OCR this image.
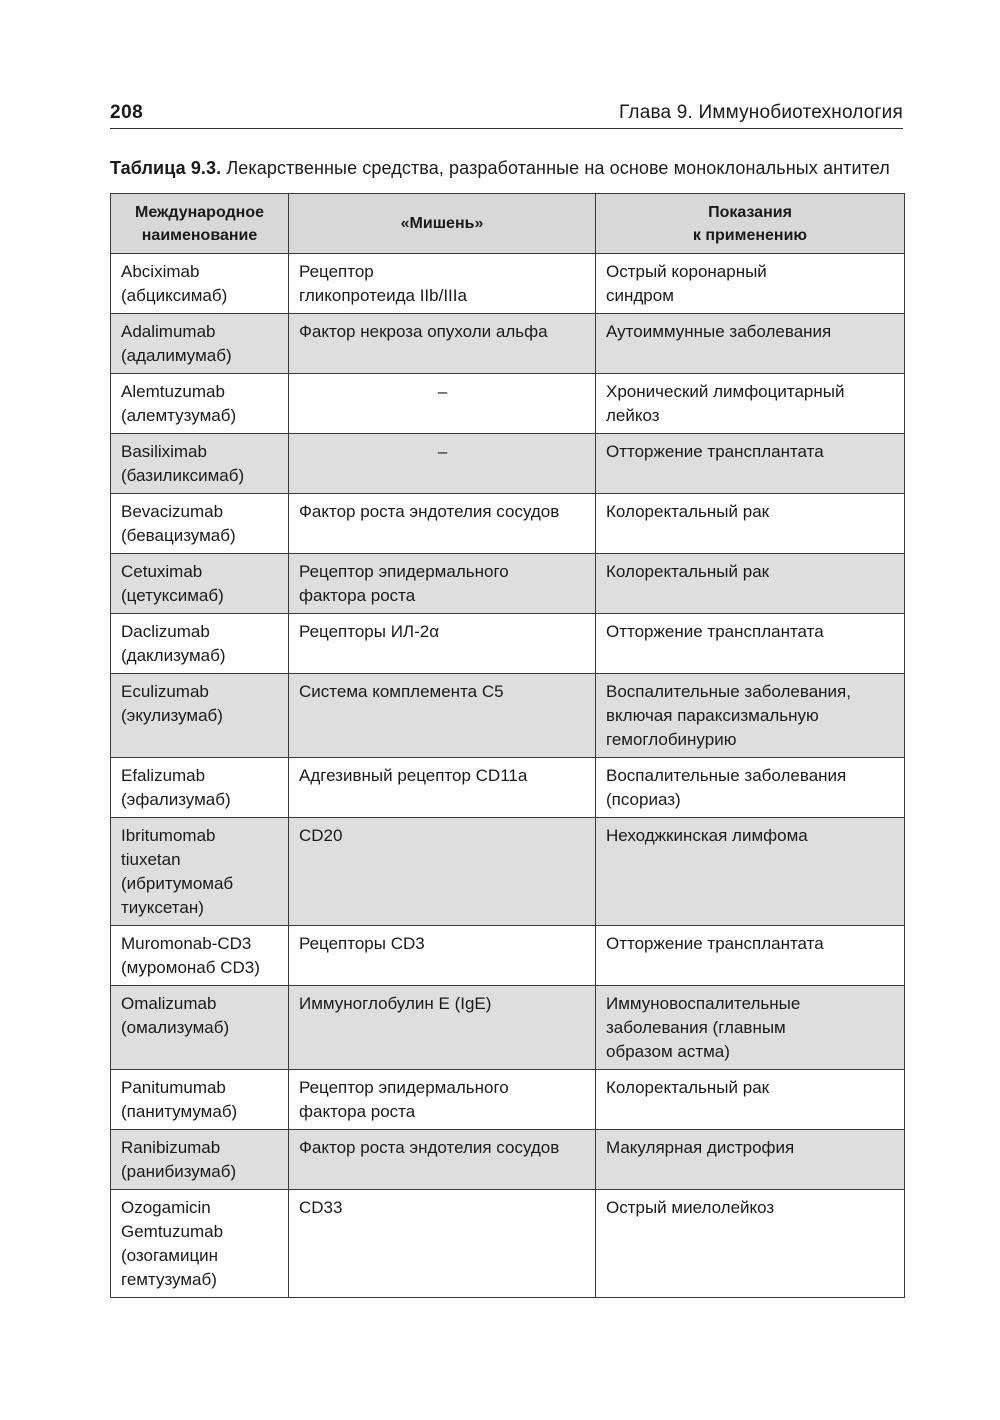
208	Глава 9. Иммунобиотехнология
Таблица 9.3. Лекарственные средства, разработанные на основе моноклональных антител
Международное
наименование	«Мишень»	Показания
к применению

Abciximab
(абциксимаб)	Рецептор
гликопротеида IIb/IIIa	Острый коронарный
синдром

Adalimumab
(адалимумаб)	Фактор некроза опухоли альфа	Аутоиммунные заболевания

Alemtuzumab
(алемтузумаб)	–	Хронический лимфоцитарный
лейкоз

Basiliximab
(базиликсимаб)	–	Отторжение трансплантата

Bevacizumab
(бевацизумаб)	Фактор роста эндотелия сосудов	Колоректальный рак

Cetuximab
(цетуксимаб)	Рецептор эпидермального
фактора роста	Колоректальный рак

Daclizumab
(даклизумаб)	Рецепторы ИЛ-2α	Отторжение трансплантата

Eculizumab
(экулизумаб)	Система комплемента С5	Воспалительные заболевания,
включая параксизмальную
гемоглобинурию

Efalizumab
(эфализумаб)	Адгезивный рецептор CD11a	Воспалительные заболевания
(псориаз)

Ibritumomab
tiuxetan
(ибритумомаб
тиуксетан)	CD20	Неходжкинская лимфома

Muromonab-CD3
(муромонаб CD3)	Рецепторы CD3	Отторжение трансплантата

Omalizumab
(омализумаб)	Иммуноглобулин Е (IgE)	Иммуновоспалительные
заболевания (главным
образом астма)

Panitumumab
(панитумумаб)	Рецептор эпидермального
фактора роста	Колоректальный рак

Ranibizumab
(ранибизумаб)	Фактор роста эндотелия сосудов	Макулярная дистрофия

Ozogamicin
Gemtuzumab
(озогамицин
гемтузумаб)	CD33	Острый миелолейкоз
